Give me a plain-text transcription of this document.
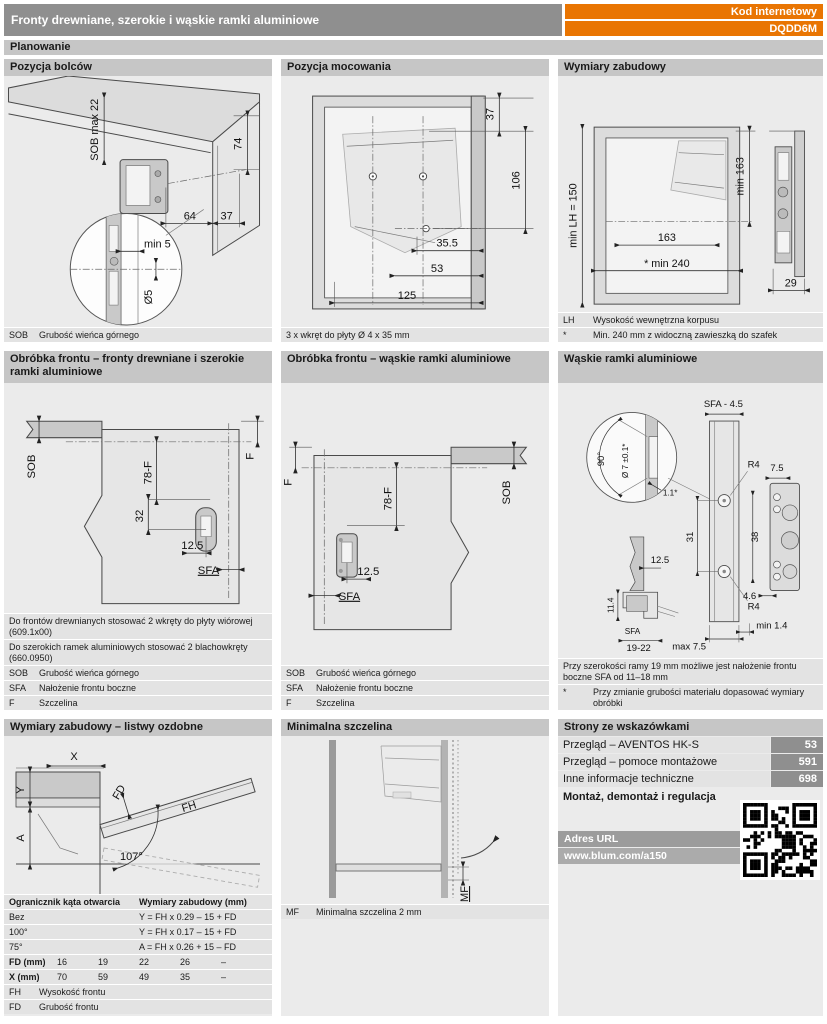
Fronty drewniane, szerokie i wąskie ramki aluminiowe
Kod internetowy
DQDD6M
Planowanie
Pozycja bolców
SOB max 22	74
64 37
min 5
Ø5
SOB	Grubość wieńca górnego
Pozycja mocowania
37
106
35.5
53
125
3 x wkręt do płyty Ø 4 x 35 mm
Wymiary zabudowy
min LH = 150
min 163
163
* min 240
29
LH	Wysokość wewnętrzna korpusu
*	Min. 240 mm z widoczną zawieszką do szafek
Obróbka frontu – fronty drewniane i szerokie ramki aluminiowe
SOB	F
78-F
32
12.5
SFA
Do frontów drewnianych stosować 2 wkręty do płyty wiórowej (609.1x00)
Do szerokich ramek aluminiowych stosować 2 blachowkręty (660.0950)
SOB	Grubość wieńca górnego
SFA	Nałożenie frontu boczne
F	Szczelina
Obróbka frontu – wąskie ramki aluminiowe
F
78-F	SOB
12.5
SFA
SOB	Grubość wieńca górnego
SFA	Nałożenie frontu boczne
F	Szczelina
Wąskie ramki aluminiowe
90° Ø 7 ±0.1*
1.1*
SFA - 4.5
R4
R4
31	38
7.5
4.6
12.5
11.4
SFA
19-22 max 7.5
min 1.4
Przy szerokości ramy 19 mm możliwe jest nałożenie frontu boczne SFA od 11–18 mm
*	Przy zmianie grubości materiału dopasować wymiary obróbki
Wymiary zabudowy – listwy ozdobne
Y
X
FD
FH
A
107°
Ogranicznik kąta otwarcia	Wymiary zabudowy (mm)
Bez	Y = FH x 0.29 – 15 + FD
100°	Y = FH x 0.17 – 15 + FD
75°	A = FH x 0.26 + 15 – FD
FD (mm)	16	19	22	26	–
X (mm)	70	59	49	35	–
FH	Wysokość frontu
FD	Grubość frontu
Minimalna szczelina
MF
MF	Minimalna szczelina 2 mm
Strony ze wskazówkami
Przegląd – AVENTOS HK-S	53
Przegląd – pomoce montażowe	591
Inne informacje techniczne	698
Montaż, demontaż i regulacja
Adres URL
www.blum.com/a150
